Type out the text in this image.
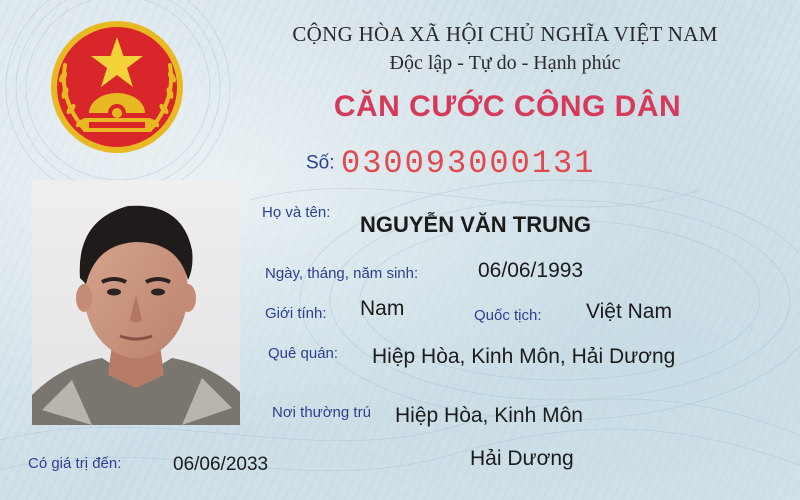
CỘNG HÒA XÃ HỘI CHỦ NGHĨA VIỆT NAM
Độc lập - Tự do - Hạnh phúc
CĂN CƯỚC CÔNG DÂN
Số: 030093000131
Họ và tên: NGUYỄN VĂN TRUNG
Ngày, tháng, năm sinh:	06/06/1993
Giới tính: Nam	Quốc tịch: Việt Nam
Quê quán: Hiệp Hòa, Kinh Môn, Hải Dương
Nơi thường trú Hiệp Hòa, Kinh Môn
Hải Dương
Có giá trị đến:	06/06/2033
